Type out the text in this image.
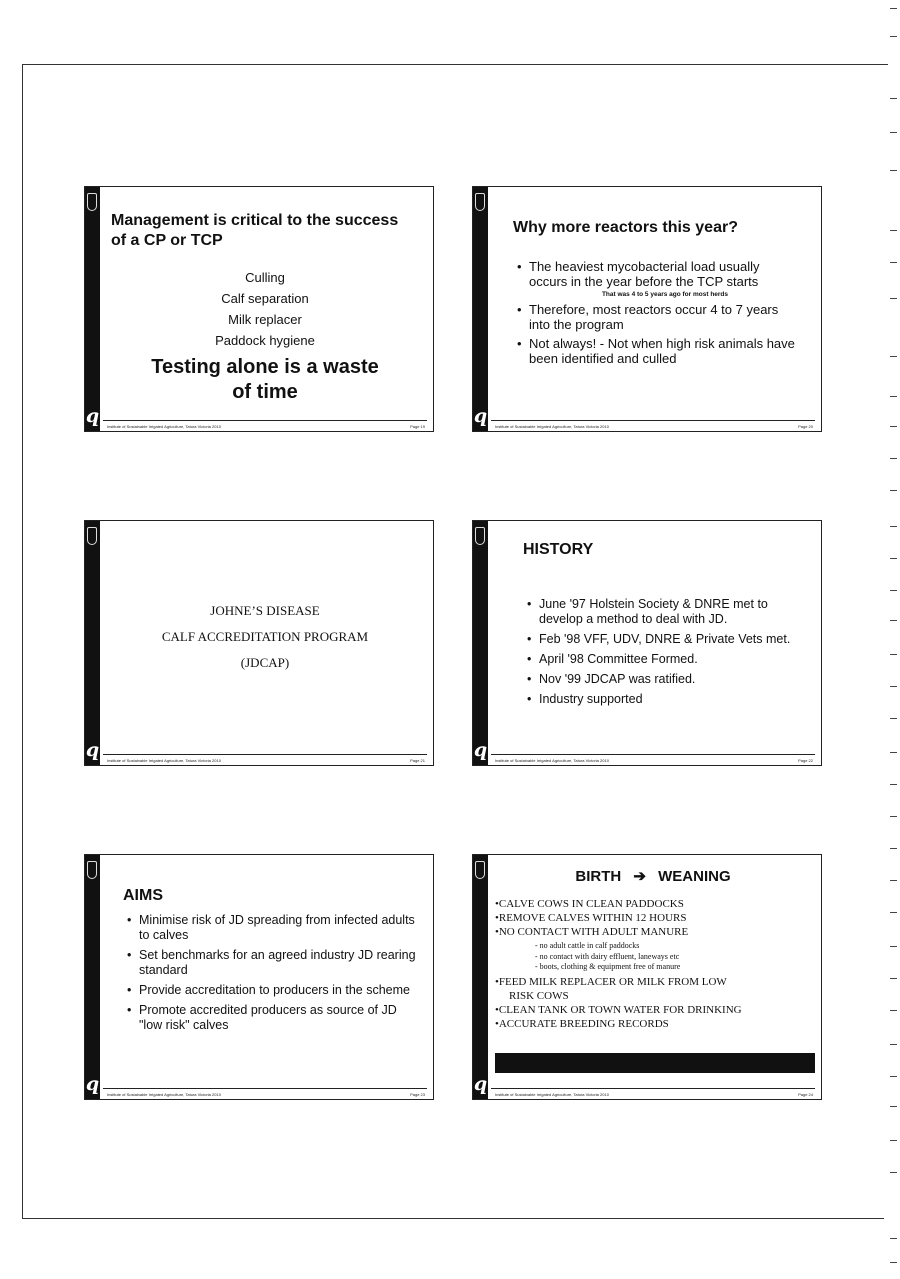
q
Management is critical to the success of a CP or TCP
Culling
Calf separation
Milk replacer
Paddock hygiene
Testing alone is a waste of time
Institute of Sustainable Irrigated Agriculture, Tatura Victoria 2010	Page 19	q
Why more reactors this year?
• The heaviest mycobacterial load usually occurs in the year before the TCP starts
That was 4 to 5 years ago for most herds
• Therefore, most reactors occur 4 to 7 years into the program
• Not always! - Not when high risk animals have been identified and culled
Institute of Sustainable Irrigated Agriculture, Tatura Victoria 2010	Page 20
q
JOHNE’S DISEASE
CALF ACCREDITATION PROGRAM
(JDCAP)
Institute of Sustainable Irrigated Agriculture, Tatura Victoria 2010	Page 21	q
HISTORY
• June '97 Holstein Society & DNRE met to develop a method to deal with JD.
• Feb '98 VFF, UDV, DNRE & Private Vets met.
• April '98 Committee Formed.
• Nov '99 JDCAP was ratified.
• Industry supported
Institute of Sustainable Irrigated Agriculture, Tatura Victoria 2010	Page 22
q
AIMS
• Minimise risk of JD spreading from infected adults to calves
• Set benchmarks for an agreed industry JD rearing standard
• Provide accreditation to producers in the scheme
• Promote accredited producers as source of JD "low risk" calves
Institute of Sustainable Irrigated Agriculture, Tatura Victoria 2010	Page 23	q
BIRTH ➔ WEANING
•CALVE COWS IN CLEAN PADDOCKS
•REMOVE CALVES WITHIN 12 HOURS
•NO CONTACT WITH ADULT MANURE
- no adult cattle in calf paddocks
- no contact with dairy effluent, laneways etc
- boots, clothing & equipment free of manure
•FEED MILK REPLACER OR MILK FROM LOW
RISK COWS
•CLEAN TANK OR TOWN WATER FOR DRINKING
•ACCURATE BREEDING RECORDS
Institute of Sustainable Irrigated Agriculture, Tatura Victoria 2010	Page 24
